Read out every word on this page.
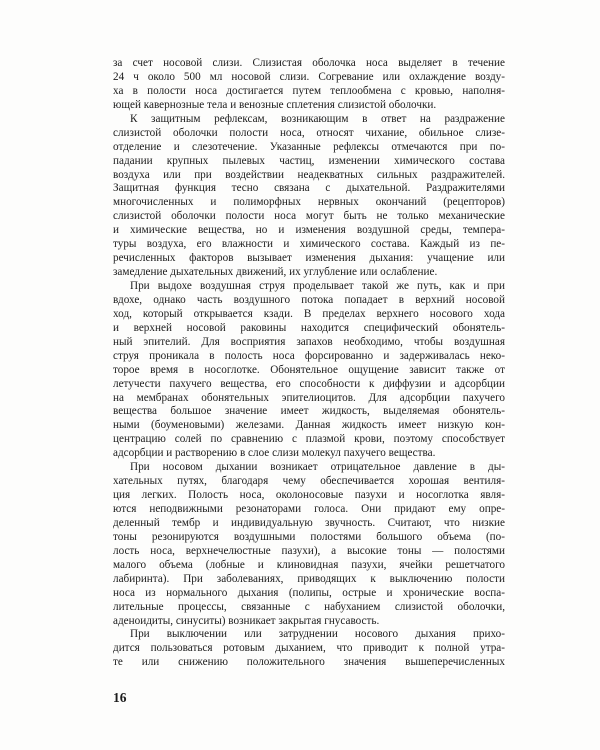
за счет носовой слизи. Слизистая оболочка носа выделяет в течение
24 ч около 500 мл носовой слизи. Согревание или охлаждение возду-
ха в полости носа достигается путем теплообмена с кровью, наполня-
ющей кавернозные тела и венозные сплетения слизистой оболочки.
К защитным рефлексам, возникающим в ответ на раздражение
слизистой оболочки полости носа, относят чихание, обильное слизе-
отделение и слезотечение. Указанные рефлексы отмечаются при по-
падании крупных пылевых частиц, изменении химического состава
воздуха или при воздействии неадекватных сильных раздражителей.
Защитная функция тесно связана с дыхательной. Раздражителями
многочисленных и полиморфных нервных окончаний (рецепторов)
слизистой оболочки полости носа могут быть не только механические
и химические вещества, но и изменения воздушной среды, темпера-
туры воздуха, его влажности и химического состава. Каждый из пе-
речисленных факторов вызывает изменения дыхания: учащение или
замедление дыхательных движений, их углубление или ослабление.
При выдохе воздушная струя проделывает такой же путь, как и при
вдохе, однако часть воздушного потока попадает в верхний носовой
ход, который открывается кзади. В пределах верхнего носового хода
и верхней носовой раковины находится специфический обонятель-
ный эпителий. Для восприятия запахов необходимо, чтобы воздушная
струя проникала в полость носа форсированно и задерживалась неко-
торое время в носоглотке. Обонятельное ощущение зависит также от
летучести пахучего вещества, его способности к диффузии и адсорбции
на мембранах обонятельных эпителиоцитов. Для адсорбции пахучего
вещества большое значение имеет жидкость, выделяемая обонятель-
ными (боуменовыми) железами. Данная жидкость имеет низкую кон-
центрацию солей по сравнению с плазмой крови, поэтому способствует
адсорбции и растворению в слое слизи молекул пахучего вещества.
При носовом дыхании возникает отрицательное давление в ды-
хательных путях, благодаря чему обеспечивается хорошая вентиля-
ция легких. Полость носа, околоносовые пазухи и носоглотка явля-
ются неподвижными резонаторами голоса. Они придают ему опре-
деленный тембр и индивидуальную звучность. Считают, что низкие
тоны резонируются воздушными полостями большого объема (по-
лость носа, верхнечелюстные пазухи), а высокие тоны — полостями
малого объема (лобные и клиновидная пазухи, ячейки решетчатого
лабиринта). При заболеваниях, приводящих к выключению полости
носа из нормального дыхания (полипы, острые и хронические воспа-
лительные процессы, связанные с набуханием слизистой оболочки,
аденоидиты, синуситы) возникает закрытая гнусавость.
При выключении или затруднении носового дыхания прихо-
дится пользоваться ротовым дыханием, что приводит к полной утра-
те или снижению положительного значения вышеперечисленных
16
